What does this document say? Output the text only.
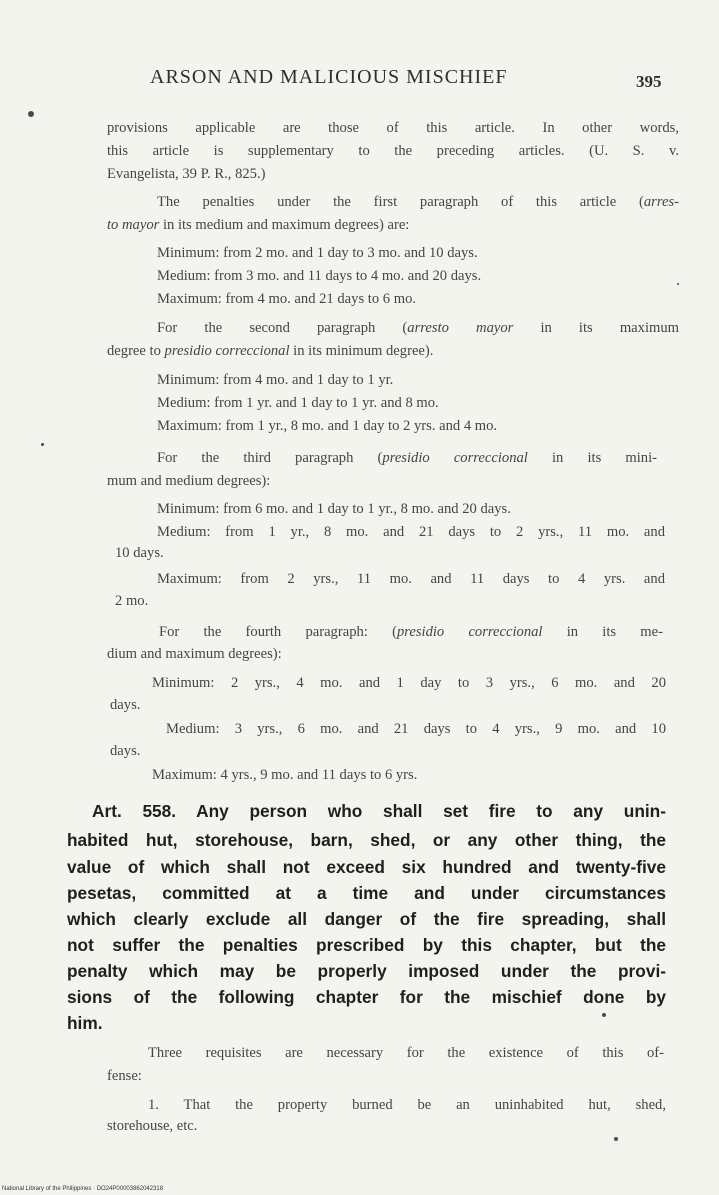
ARSON AND MALICIOUS MISCHIEF	395
provisions applicable are those of this article. In other words,
this article is supplementary to the preceding articles. (U. S. v.
Evangelista, 39 P. R., 825.)
The penalties under the first paragraph of this article (arres-
to mayor in its medium and maximum degrees) are:
Minimum: from 2 mo. and 1 day to 3 mo. and 10 days.
Medium: from 3 mo. and 11 days to 4 mo. and 20 days.
Maximum: from 4 mo. and 21 days to 6 mo.
For the second paragraph (arresto mayor in its maximum
degree to presidio correccional in its minimum degree).
Minimum: from 4 mo. and 1 day to 1 yr.
Medium: from 1 yr. and 1 day to 1 yr. and 8 mo.
Maximum: from 1 yr., 8 mo. and 1 day to 2 yrs. and 4 mo.
For the third paragraph (presidio correccional in its mini-
mum and medium degrees):
Minimum: from 6 mo. and 1 day to 1 yr., 8 mo. and 20 days.
Medium: from 1 yr., 8 mo. and 21 days to 2 yrs., 11 mo. and
10 days.
Maximum: from 2 yrs., 11 mo. and 11 days to 4 yrs. and
2 mo.
For the fourth paragraph: (presidio correccional in its me-
dium and maximum degrees):
Minimum: 2 yrs., 4 mo. and 1 day to 3 yrs., 6 mo. and 20
days.
Medium: 3 yrs., 6 mo. and 21 days to 4 yrs., 9 mo. and 10
days.
Maximum: 4 yrs., 9 mo. and 11 days to 6 yrs.
Art. 558. Any person who shall set fire to any unin-
habited hut, storehouse, barn, shed, or any other thing, the
value of which shall not exceed six hundred and twenty-five
pesetas, committed at a time and under circumstances
which clearly exclude all danger of the fire spreading, shall
not suffer the penalties prescribed by this chapter, but the
penalty which may be properly imposed under the provi-
sions of the following chapter for the mischief done by
him.
Three requisites are necessary for the existence of this of-
fense:
1. That the property burned be an uninhabited hut, shed,
storehouse, etc.
National Library of the Philippines · DO24P00003862042318
